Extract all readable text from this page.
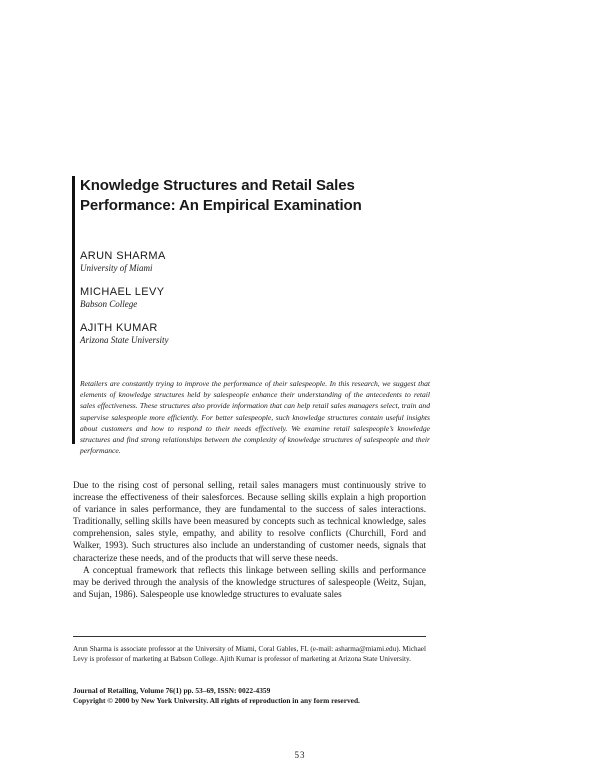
Knowledge Structures and Retail Sales
Performance: An Empirical Examination
ARUN SHARMA
University of Miami
MICHAEL LEVY
Babson College
AJITH KUMAR
Arizona State University
Retailers are constantly trying to improve the performance of their salespeople. In this research, we suggest that elements of knowledge structures held by salespeople enhance their understanding of the antecedents to retail sales effectiveness. These structures also provide information that can help retail sales managers select, train and supervise salespeople more efficiently. For better salespeople, such knowledge structures contain useful insights about customers and how to respond to their needs effectively. We examine retail salespeople’s knowledge structures and find strong relationships between the complexity of knowledge structures of salespeople and their performance.

Due to the rising cost of personal selling, retail sales managers must continuously strive to increase the effectiveness of their salesforces. Because selling skills explain a high proportion of variance in sales performance, they are fundamental to the success of sales interactions. Traditionally, selling skills have been measured by concepts such as technical knowledge, sales comprehension, sales style, empathy, and ability to resolve conflicts (Churchill, Ford and Walker, 1993). Such structures also include an understanding of customer needs, signals that characterize these needs, and of the products that will serve these needs.

A conceptual framework that reflects this linkage between selling skills and performance may be derived through the analysis of the knowledge structures of salespeople (Weitz, Sujan, and Sujan, 1986). Salespeople use knowledge structures to evaluate sales

Arun Sharma is associate professor at the University of Miami, Coral Gables, FL (e-mail: asharma@miami.edu). Michael Levy is professor of marketing at Babson College. Ajith Kumar is professor of marketing at Arizona State University.
Journal of Retailing, Volume 76(1) pp. 53–69, ISSN: 0022-4359
Copyright © 2000 by New York University. All rights of reproduction in any form reserved.
53
